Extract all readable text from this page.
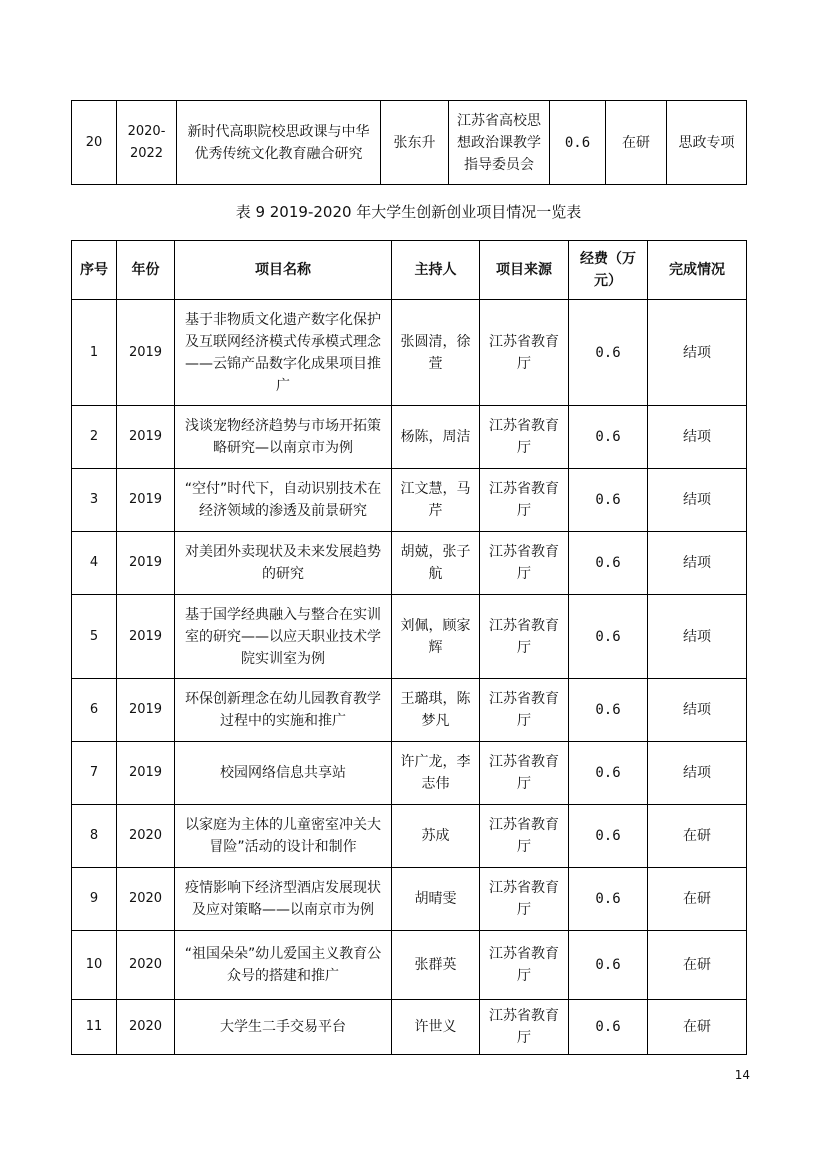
20	2020-2022	新时代高职院校思政课与中华优秀传统文化教育融合研究	张东升	江苏省高校思想政治课教学指导委员会	0.6	在研	思政专项
表 9 2019-2020 年大学生创新创业项目情况一览表
序号	年份	项目名称	主持人	项目来源	经费（万元）	完成情况
1	2019	基于非物质文化遗产数字化保护及互联网经济模式传承模式理念——云锦产品数字化成果项目推广	张圆清，徐萱	江苏省教育厅	0.6	结项
2	2019	浅谈宠物经济趋势与市场开拓策略研究—以南京市为例	杨陈，周洁	江苏省教育厅	0.6	结项
3	2019	“空付”时代下，自动识别技术在经济领域的渗透及前景研究	江文慧，马芹	江苏省教育厅	0.6	结项
4	2019	对美团外卖现状及未来发展趋势的研究	胡兢，张子航	江苏省教育厅	0.6	结项
5	2019	基于国学经典融入与整合在实训室的研究——以应天职业技术学院实训室为例	刘佩，顾家辉	江苏省教育厅	0.6	结项
6	2019	环保创新理念在幼儿园教育教学过程中的实施和推广	王璐琪，陈梦凡	江苏省教育厅	0.6	结项
7	2019	校园网络信息共享站	许广龙，李志伟	江苏省教育厅	0.6	结项
8	2020	以家庭为主体的儿童密室冲关大冒险”活动的设计和制作	苏成	江苏省教育厅	0.6	在研
9	2020	疫情影响下经济型酒店发展现状及应对策略——以南京市为例	胡晴雯	江苏省教育厅	0.6	在研
10	2020	“祖国朵朵”幼儿爱国主义教育公众号的搭建和推广	张群英	江苏省教育厅	0.6	在研
11	2020	大学生二手交易平台	许世义	江苏省教育厅	0.6	在研
14
